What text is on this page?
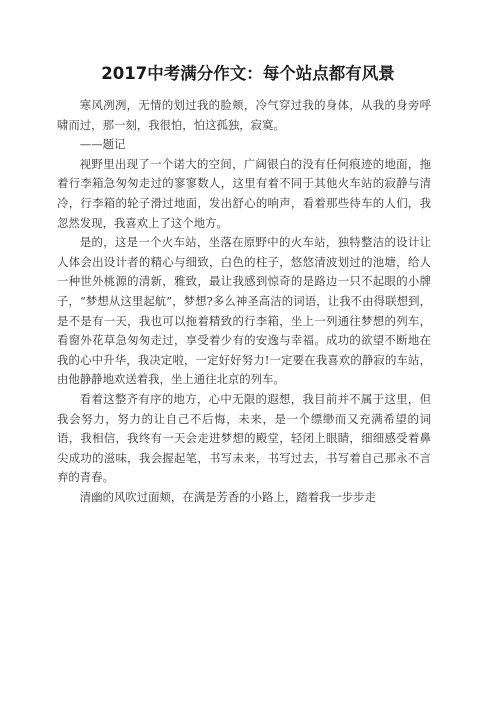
2017中考满分作文：每个站点都有风景

寒风冽冽，无情的划过我的脸颊，冷气穿过我的身体，从我的身旁呼啸而过，那一刻，我很怕，怕这孤独，寂寞。

——题记

视野里出现了一个诺大的空间，广阔银白的没有任何痕迹的地面，拖着行李箱急匆匆走过的寥寥数人，这里有着不同于其他火车站的寂静与清冷，行李箱的轮子滑过地面，发出舒心的响声，看着那些待车的人们，我忽然发现，我喜欢上了这个地方。

是的，这是一个火车站，坐落在原野中的火车站，独特整洁的设计让人体会出设计者的精心与细致，白色的柱子，悠悠清波划过的池塘，给人一种世外桃源的清新，雅致，最让我感到惊奇的是路边一只不起眼的小牌子，“梦想从这里起航”，梦想?多么神圣高洁的词语，让我不由得联想到，是不是有一天，我也可以拖着精致的行李箱，坐上一列通往梦想的列车，看窗外花草急匆匆走过，享受着少有的安逸与幸福。成功的欲望不断地在我的心中升华，我决定啦，一定好好努力!一定要在我喜欢的静寂的车站，由他静静地欢送着我，坐上通往北京的列车。

看着这整齐有序的地方，心中无限的遐想，我目前并不属于这里，但我会努力，努力的让自己不后悔，未来，是一个缥缈而又充满希望的词语，我相信，我终有一天会走进梦想的殿堂，轻闭上眼睛，细细感受着鼻尖成功的滋味，我会握起笔，书写未来，书写过去，书写着自己那永不言弃的青春。

清幽的风吹过面颊，在满是芳香的小路上，踏着我一步步走
